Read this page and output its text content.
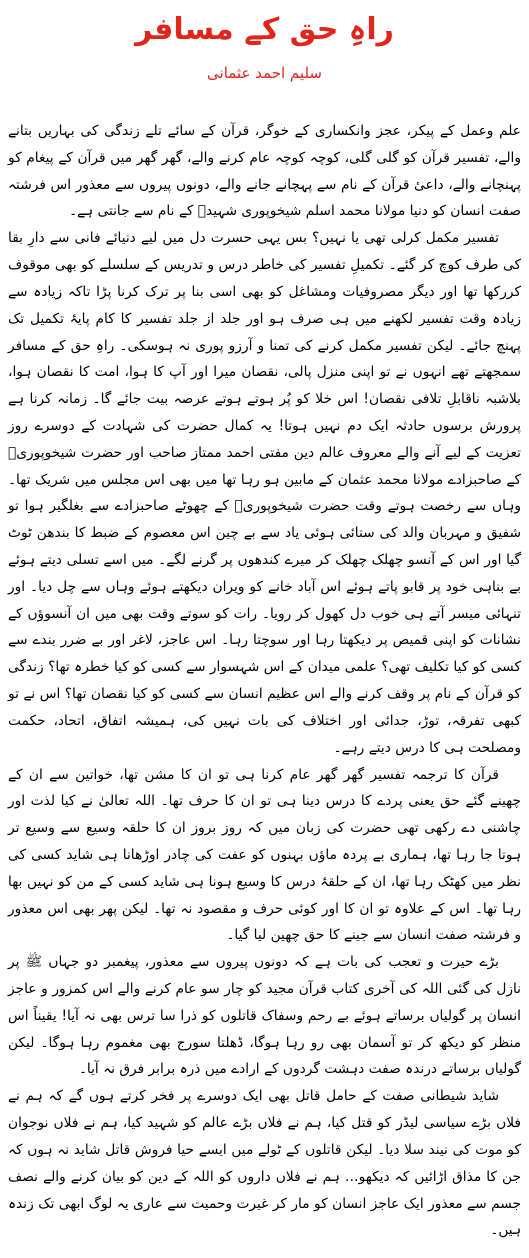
راہِ حق کے مسافر

سلیم احمد عثمانی

علم وعمل کے پیکر، عجز وانکساری کے خوگر، قرآن کے سائے تلے زندگی کی بہاریں بتانے والے، تفسیر قرآن کو گلی گلی، کوچہ کوچہ عام کرنے والے، گھر گھر میں قرآن کے پیغام کو پہنچانے والے، داعیٔ قرآن کے نام سے پہچانے جانے والے، دونوں پیروں سے معذور اس فرشتہ صفت انسان کو دنیا مولانا محمد اسلم شیخوپوری شہیدؒ کے نام سے جانتی ہے۔

تفسیر مکمل کرلی تھی یا نہیں؟ بس یہی حسرت دل میں لیے دنیائے فانی سے دارِ بقا کی طرف کوچ کر گئے۔ تکمیلِ تفسیر کی خاطر درس و تدریس کے سلسلے کو بھی موقوف کررکھا تھا اور دیگر مصروفیات ومشاغل کو بھی اسی بنا پر ترک کرنا پڑا تاکہ زیادہ سے زیادہ وقت تفسیر لکھنے میں ہی صرف ہو اور جلد از جلد تفسیر کا کام پایۂ تکمیل تک پہنچ جائے۔ لیکن تفسیر مکمل کرنے کی تمنا و آرزو پوری نہ ہوسکی۔ راہِ حق کے مسافر سمجھتے تھے انہوں نے تو اپنی منزل پالی، نقصان میرا اور آپ کا ہوا، امت کا نقصان ہوا، بلاشبہ ناقابلِ تلافی نقصان! اس خلا کو پُر ہوتے ہوتے عرصہ بیت جائے گا۔ زمانہ کرنا ہے پرورش برسوں حادثہ ایک دم نہیں ہوتا! یہ کمال حضرت کی شہادت کے دوسرے روز تعزیت کے لیے آنے والے معروف عالم دین مفتی احمد ممتاز صاحب اور حضرت شیخوپوریؒ کے صاحبزادے مولانا محمد عثمان کے مابین ہو رہا تھا میں بھی اس مجلس میں شریک تھا۔ وہاں سے رخصت ہوتے وقت حضرت شیخوپوریؒ کے چھوٹے صاحبزادے سے بغلگیر ہوا تو شفیق و مہربان والد کی ستائی ہوئی یاد سے بے چین اس معصوم کے ضبط کا بندھن ٹوٹ گیا اور اس کے آنسو چھلک چھلک کر میرے کندھوں پر گرنے لگے۔ میں اسے تسلی دیتے ہوئے بے بناہی خود پر قابو پاتے ہوئے اس آباد خانے کو ویران دیکھتے ہوئے وہاں سے چل دیا۔ اور تنہائی میسر آتے ہی خوب دل کھول کر رویا۔ رات کو سوتے وقت بھی میں ان آنسوؤں کے نشانات کو اپنی قمیص پر دیکھتا رہا اور سوچتا رہا۔ اس عاجز، لاغر اور بے ضرر بندے سے کسی کو کیا تکلیف تھی؟ علمی میدان کے اس شہسوار سے کسی کو کیا خطرہ تھا؟ زندگی کو قرآن کے نام پر وقف کرنے والے اس عظیم انسان سے کسی کو کیا نقصان تھا؟ اس نے تو کبھی تفرقہ، توڑ، جدائی اور اختلاف کی بات نہیں کی، ہمیشہ اتفاق، اتحاد، حکمت ومصلحت ہی کا درس دیتے رہے۔

قرآن کا ترجمہ تفسیر گھر گھر عام کرنا ہی تو ان کا مشن تھا، خواتین سے ان کے چھینے گئے حق یعنی پردے کا درس دینا ہی تو ان کا حرف تھا۔ اللہ تعالیٰ نے کیا لذت اور چاشنی دے رکھی تھی حضرت کی زبان میں کہ روز بروز ان کا حلقہ وسیع سے وسیع تر ہوتا جا رہا تھا، ہماری بے پردہ ماؤں بہنوں کو عفت کی چادر اوڑھانا ہی شاید کسی کی نظر میں کھٹک رہا تھا، ان کے حلقۂ درس کا وسیع ہونا ہی شاید کسی کے من کو نہیں بھا رہا تھا۔ اس کے علاوہ تو ان کا اور کوئی حرف و مقصود نہ تھا۔ لیکن پھر بھی اس معذور و فرشتہ صفت انسان سے جینے کا حق چھین لیا گیا۔

بڑے حیرت و تعجب کی بات ہے کہ دونوں پیروں سے معذور، پیغمبر دو جہاں ﷺ پر نازل کی گئی اللہ کی آخری کتاب قرآن مجید کو چار سو عام کرنے والے اس کمزور و عاجز انسان پر گولیاں برساتے ہوئے بے رحم وسفاک قاتلوں کو ذرا سا ترس بھی نہ آیا! یقیناً اس منظر کو دیکھ کر تو آسمان بھی رو رہا ہوگا، ڈھلتا سورج بھی مغموم رہا ہوگا۔ لیکن گولیاں برساتے درندہ صفت دہشت گردوں کے ارادے میں ذرہ برابر فرق نہ آیا۔

شاید شیطانی صفت کے حامل قاتل بھی ایک دوسرے پر فخر کرتے ہوں گے کہ ہم نے فلاں بڑے سیاسی لیڈر کو قتل کیا، ہم نے فلاں بڑے عالم کو شہید کیا، ہم نے فلاں نوجوان کو موت کی نیند سلا دیا۔ لیکن قاتلوں کے ٹولے میں ایسے حیا فروش قاتل شاید نہ ہوں کہ جن کا مذاق اڑائیں کہ دیکھو… ہم نے فلاں داروں کو اللہ کے دین کو بیان کرنے والے نصف جسم سے معذور ایک عاجز انسان کو مار کر غیرت وحمیت سے عاری یہ لوگ ابھی تک زندہ ہیں۔
